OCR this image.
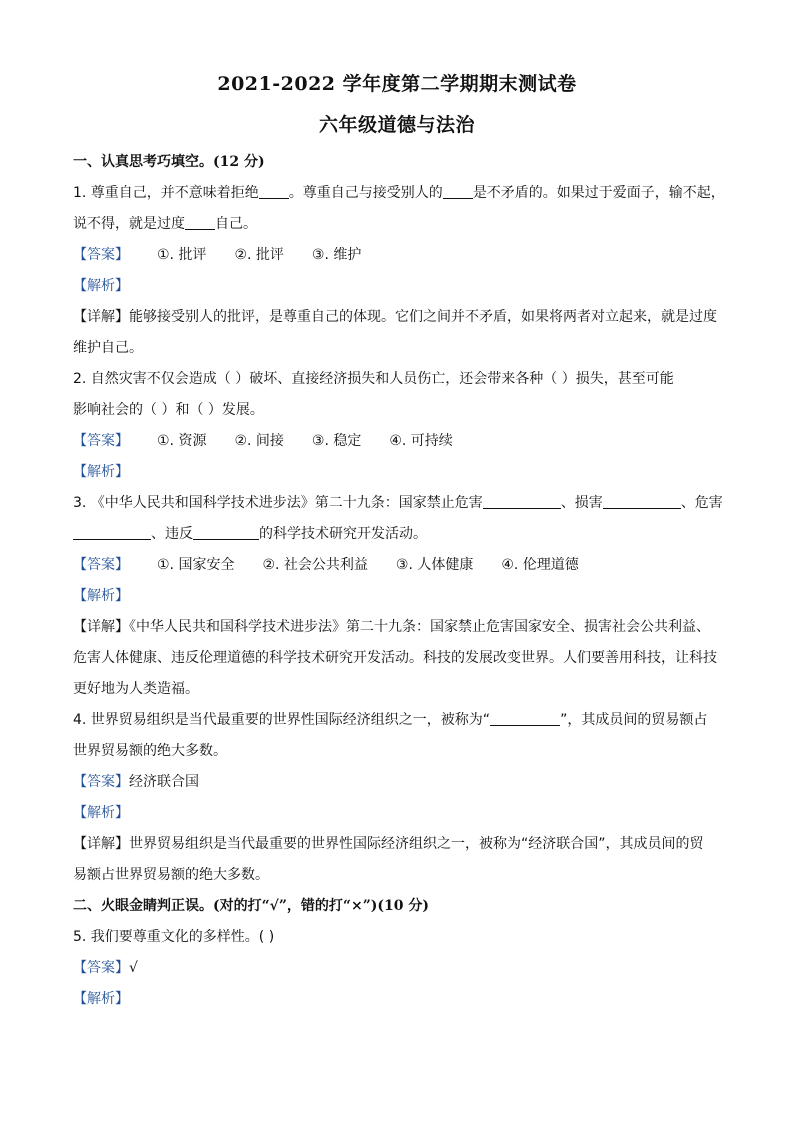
2021-2022 学年度第二学期期末测试卷
六年级道德与法治
一、认真思考巧填空。(12 分)
1. 尊重自己，并不意味着拒绝 。尊重自己与接受别人的 是不矛盾的。如果过于爱面子，输不起，
说不得，就是过度 自己。
【答案】 ①. 批评 ②. 批评 ③. 维护
【解析】
【详解】能够接受别人的批评，是尊重自己的体现。它们之间并不矛盾，如果将两者对立起来，就是过度
维护自己。
2. 自然灾害不仅会造成（ ）破坏、直接经济损失和人员伤亡，还会带来各种（ ）损失，甚至可能
影响社会的（ ）和（ ）发展。
【答案】 ①. 资源 ②. 间接 ③. 稳定 ④. 可持续
【解析】
3. 《中华人民共和国科学技术进步法》第二十九条：国家禁止危害	、损害	、危害
、违反	的科学技术研究开发活动。
【答案】 ①. 国家安全 ②. 社会公共利益 ③. 人体健康 ④. 伦理道德
【解析】
【详解】《中华人民共和国科学技术进步法》第二十九条：国家禁止危害国家安全、损害社会公共利益、
危害人体健康、违反伦理道德的科学技术研究开发活动。科技的发展改变世界。人们要善用科技，让科技
更好地为人类造福。
4. 世界贸易组织是当代最重要的世界性国际经济组织之一，被称为“	”，其成员间的贸易额占
世界贸易额的绝大多数。
【答案】经济联合国
【解析】
【详解】世界贸易组织是当代最重要的世界性国际经济组织之一，被称为“经济联合国”，其成员间的贸
易额占世界贸易额的绝大多数。
二、火眼金睛判正误。(对的打“√”，错的打“×”)(10 分)
5. 我们要尊重文化的多样性。( )
【答案】√
【解析】
